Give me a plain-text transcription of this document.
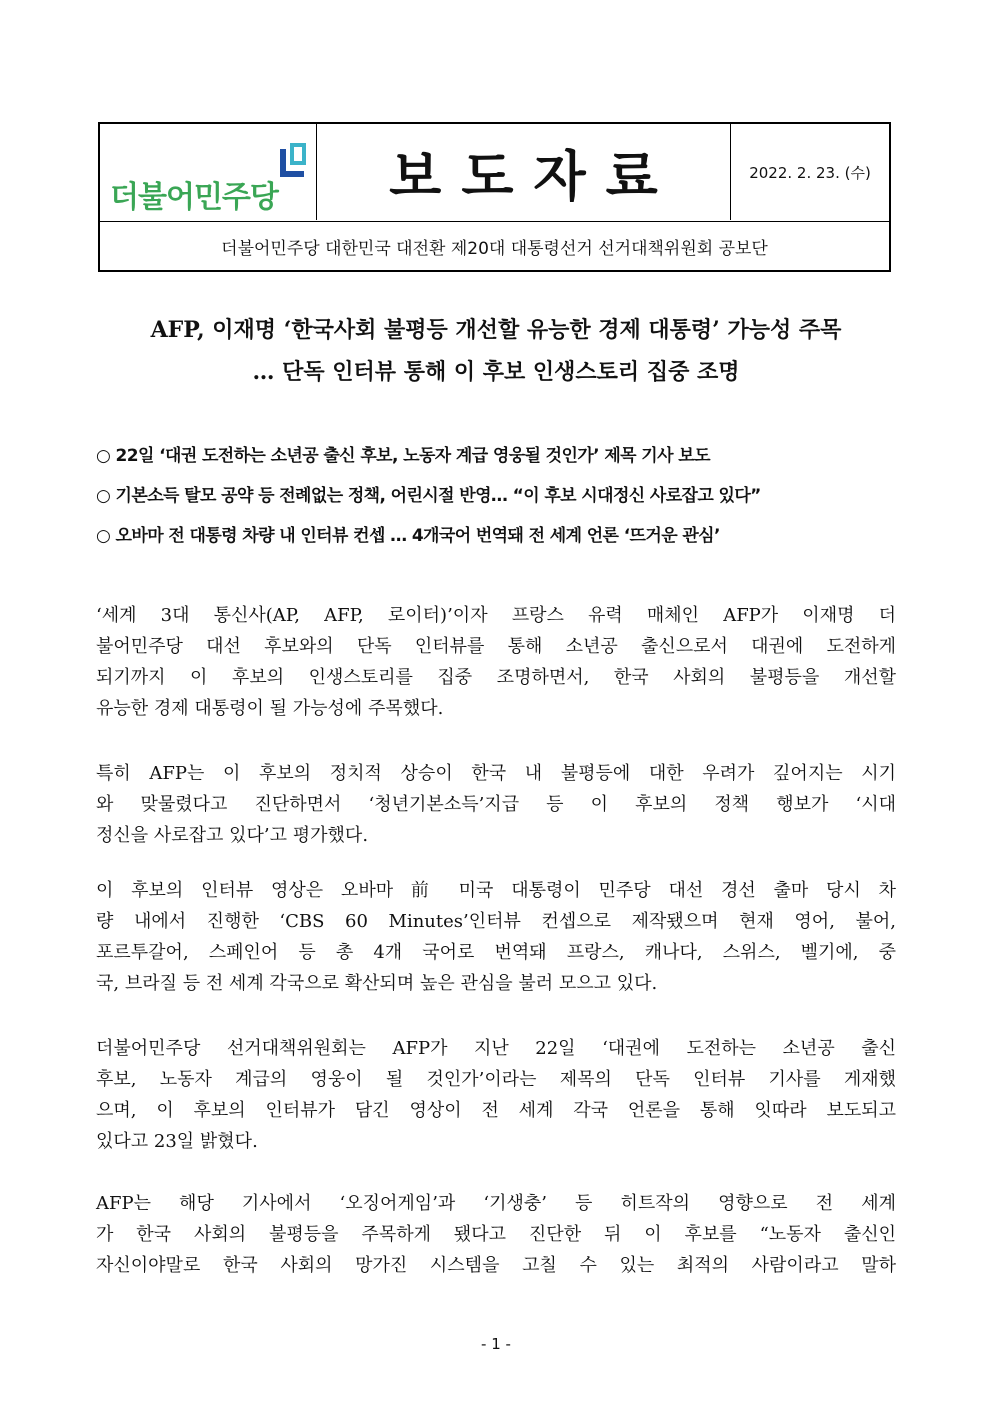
더불어민주당	보도자료	2022. 2. 23. (수)
더불어민주당 대한민국 대전환 제20대 대통령선거 선거대책위원회 공보단
AFP, 이재명 ‘한국사회 불평등 개선할 유능한 경제 대통령’ 가능성 주목
… 단독 인터뷰 통해 이 후보 인생스토리 집중 조명
○ 22일 ‘대권 도전하는 소년공 출신 후보, 노동자 계급 영웅될 것인가’ 제목 기사 보도
○ 기본소득 탈모 공약 등 전례없는 정책, 어린시절 반영… “이 후보 시대정신 사로잡고 있다”
○ 오바마 전 대통령 차량 내 인터뷰 컨셉 … 4개국어 번역돼 전 세계 언론 ‘뜨거운 관심’
‘세계 3대 통신사(AP, AFP, 로이터)’이자 프랑스 유력 매체인 AFP가 이재명 더
불어민주당 대선 후보와의 단독 인터뷰를 통해 소년공 출신으로서 대권에 도전하게
되기까지 이 후보의 인생스토리를 집중 조명하면서, 한국 사회의 불평등을 개선할
유능한 경제 대통령이 될 가능성에 주목했다.
특히 AFP는 이 후보의 정치적 상승이 한국 내 불평등에 대한 우려가 깊어지는 시기
와 맞물렸다고 진단하면서 ‘청년기본소득’지급 등 이 후보의 정책 행보가 ‘시대
정신을 사로잡고 있다’고 평가했다.
이 후보의 인터뷰 영상은 오바마 前 미국 대통령이 민주당 대선 경선 출마 당시 차
량 내에서 진행한 ‘CBS 60 Minutes’인터뷰 컨셉으로 제작됐으며 현재 영어, 불어,
포르투갈어, 스페인어 등 총 4개 국어로 번역돼 프랑스, 캐나다, 스위스, 벨기에, 중
국, 브라질 등 전 세계 각국으로 확산되며 높은 관심을 불러 모으고 있다.
더불어민주당 선거대책위원회는 AFP가 지난 22일 ‘대권에 도전하는 소년공 출신
후보, 노동자 계급의 영웅이 될 것인가’이라는 제목의 단독 인터뷰 기사를 게재했
으며, 이 후보의 인터뷰가 담긴 영상이 전 세계 각국 언론을 통해 잇따라 보도되고
있다고 23일 밝혔다.
AFP는 해당 기사에서 ‘오징어게임’과 ‘기생충’ 등 히트작의 영향으로 전 세계
가 한국 사회의 불평등을 주목하게 됐다고 진단한 뒤 이 후보를 “노동자 출신인
자신이야말로 한국 사회의 망가진 시스템을 고칠 수 있는 최적의 사람이라고 말하
- 1 -
